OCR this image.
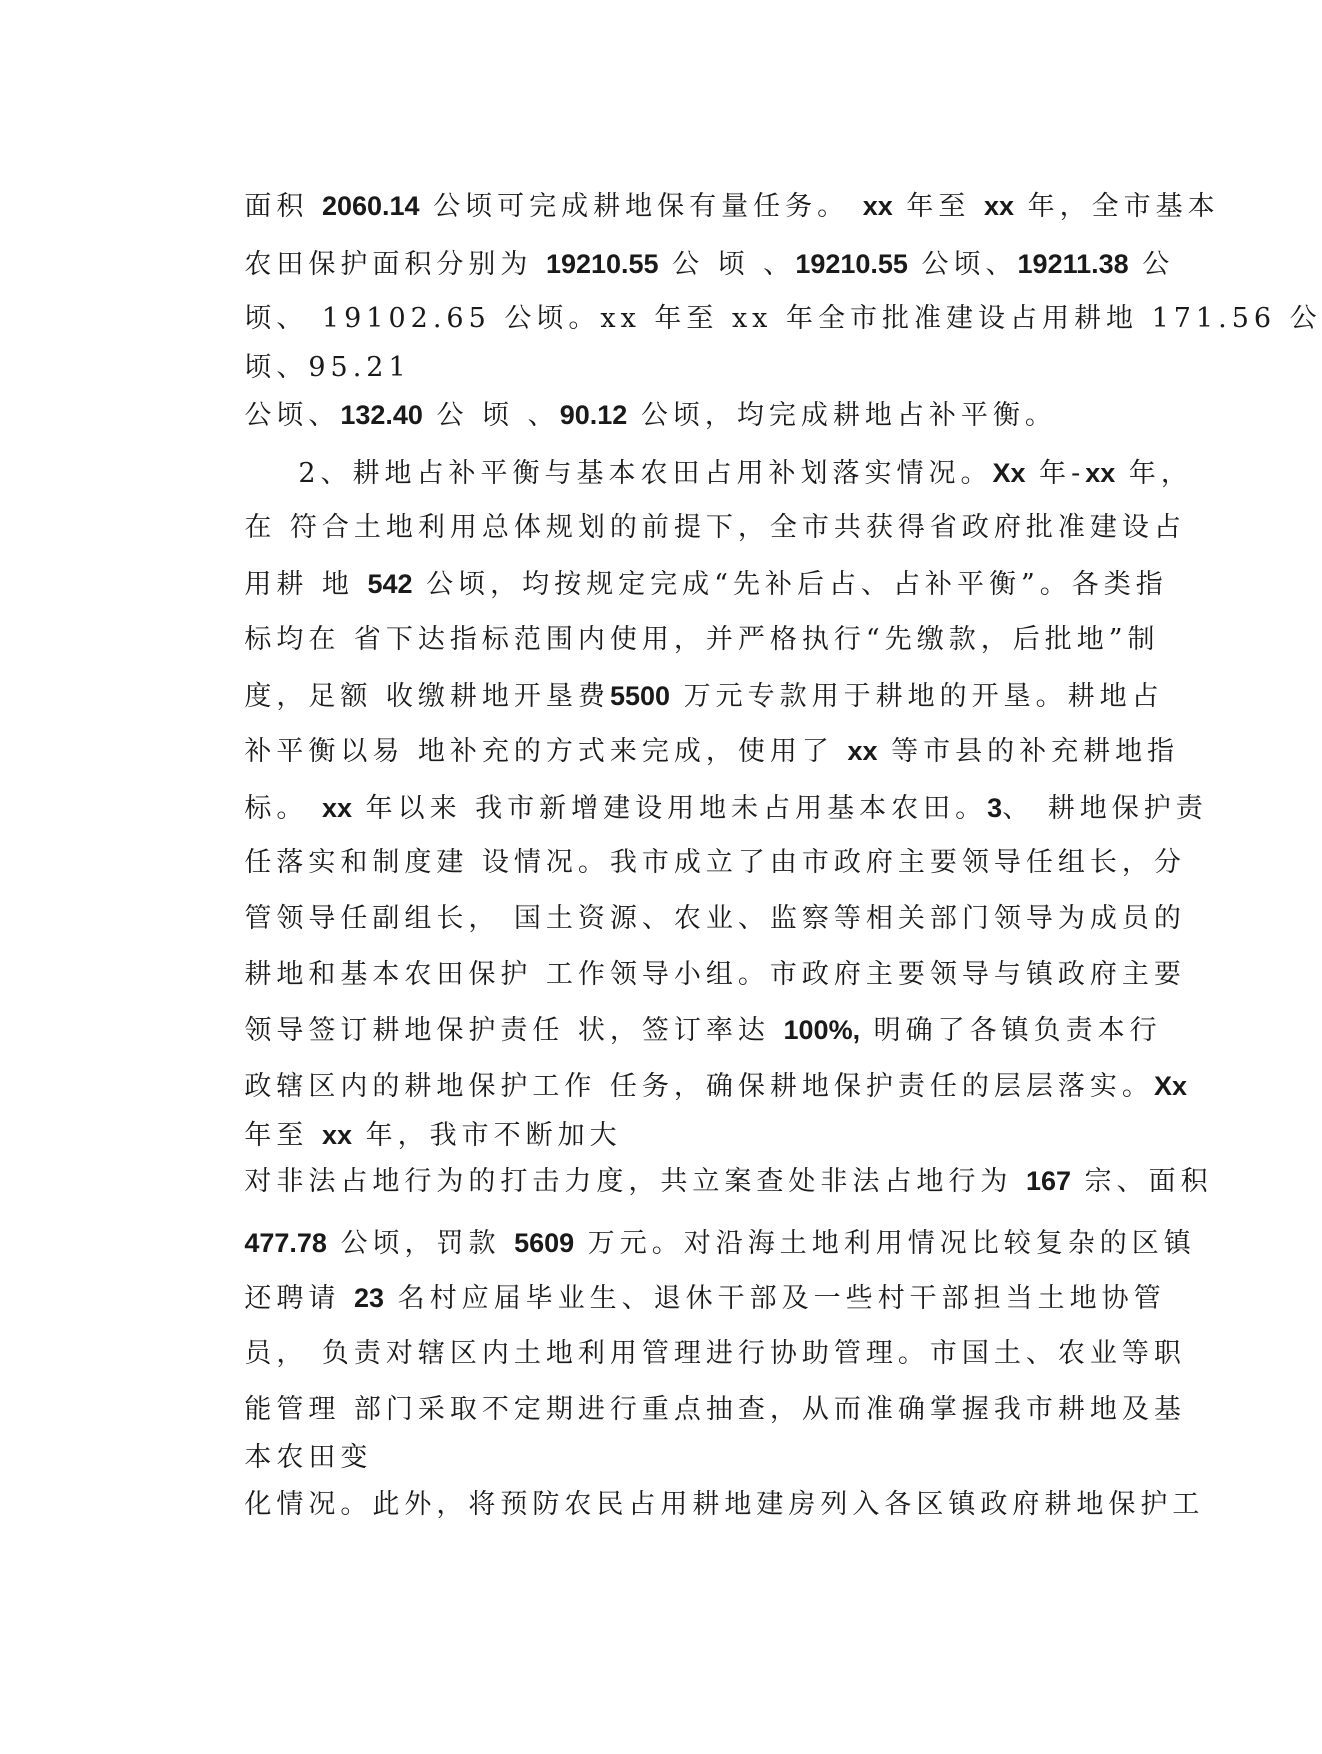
面积 2060.14 公顷可完成耕地保有量任务。 xx 年至 xx 年，全市基本

农田保护面积分别为 19210.55 公 顷 、19210.55 公顷、19211.38 公

顷、 19102.65 公顷。xx 年至 xx 年全市批准建设占用耕地 171.56 公

顷、95.21

公顷、132.40 公 顷 、90.12 公顷，均完成耕地占补平衡。

2、耕地占补平衡与基本农田占用补划落实情况。Xx 年-xx 年，

在 符合土地利用总体规划的前提下，全市共获得省政府批准建设占

用耕 地 542 公顷，均按规定完成“先补后占、占补平衡”。各类指

标均在 省下达指标范围内使用，并严格执行“先缴款，后批地”制

度，足额 收缴耕地开垦费5500 万元专款用于耕地的开垦。耕地占

补平衡以易 地补充的方式来完成，使用了 xx 等市县的补充耕地指

标。 xx 年以来 我市新增建设用地未占用基本农田。3、 耕地保护责

任落实和制度建 设情况。我市成立了由市政府主要领导任组长，分

管领导任副组长， 国土资源、农业、监察等相关部门领导为成员的

耕地和基本农田保护 工作领导小组。市政府主要领导与镇政府主要

领导签订耕地保护责任 状，签订率达 100%, 明确了各镇负责本行

政辖区内的耕地保护工作 任务，确保耕地保护责任的层层落实。Xx

年至 xx 年，我市不断加大

对非法占地行为的打击力度，共立案查处非法占地行为 167 宗、面积

477.78 公顷，罚款 5609 万元。对沿海土地利用情况比较复杂的区镇

还聘请 23 名村应届毕业生、退休干部及一些村干部担当土地协管

员， 负责对辖区内土地利用管理进行协助管理。市国土、农业等职

能管理 部门采取不定期进行重点抽查，从而准确掌握我市耕地及基

本农田变

化情况。此外，将预防农民占用耕地建房列入各区镇政府耕地保护工
